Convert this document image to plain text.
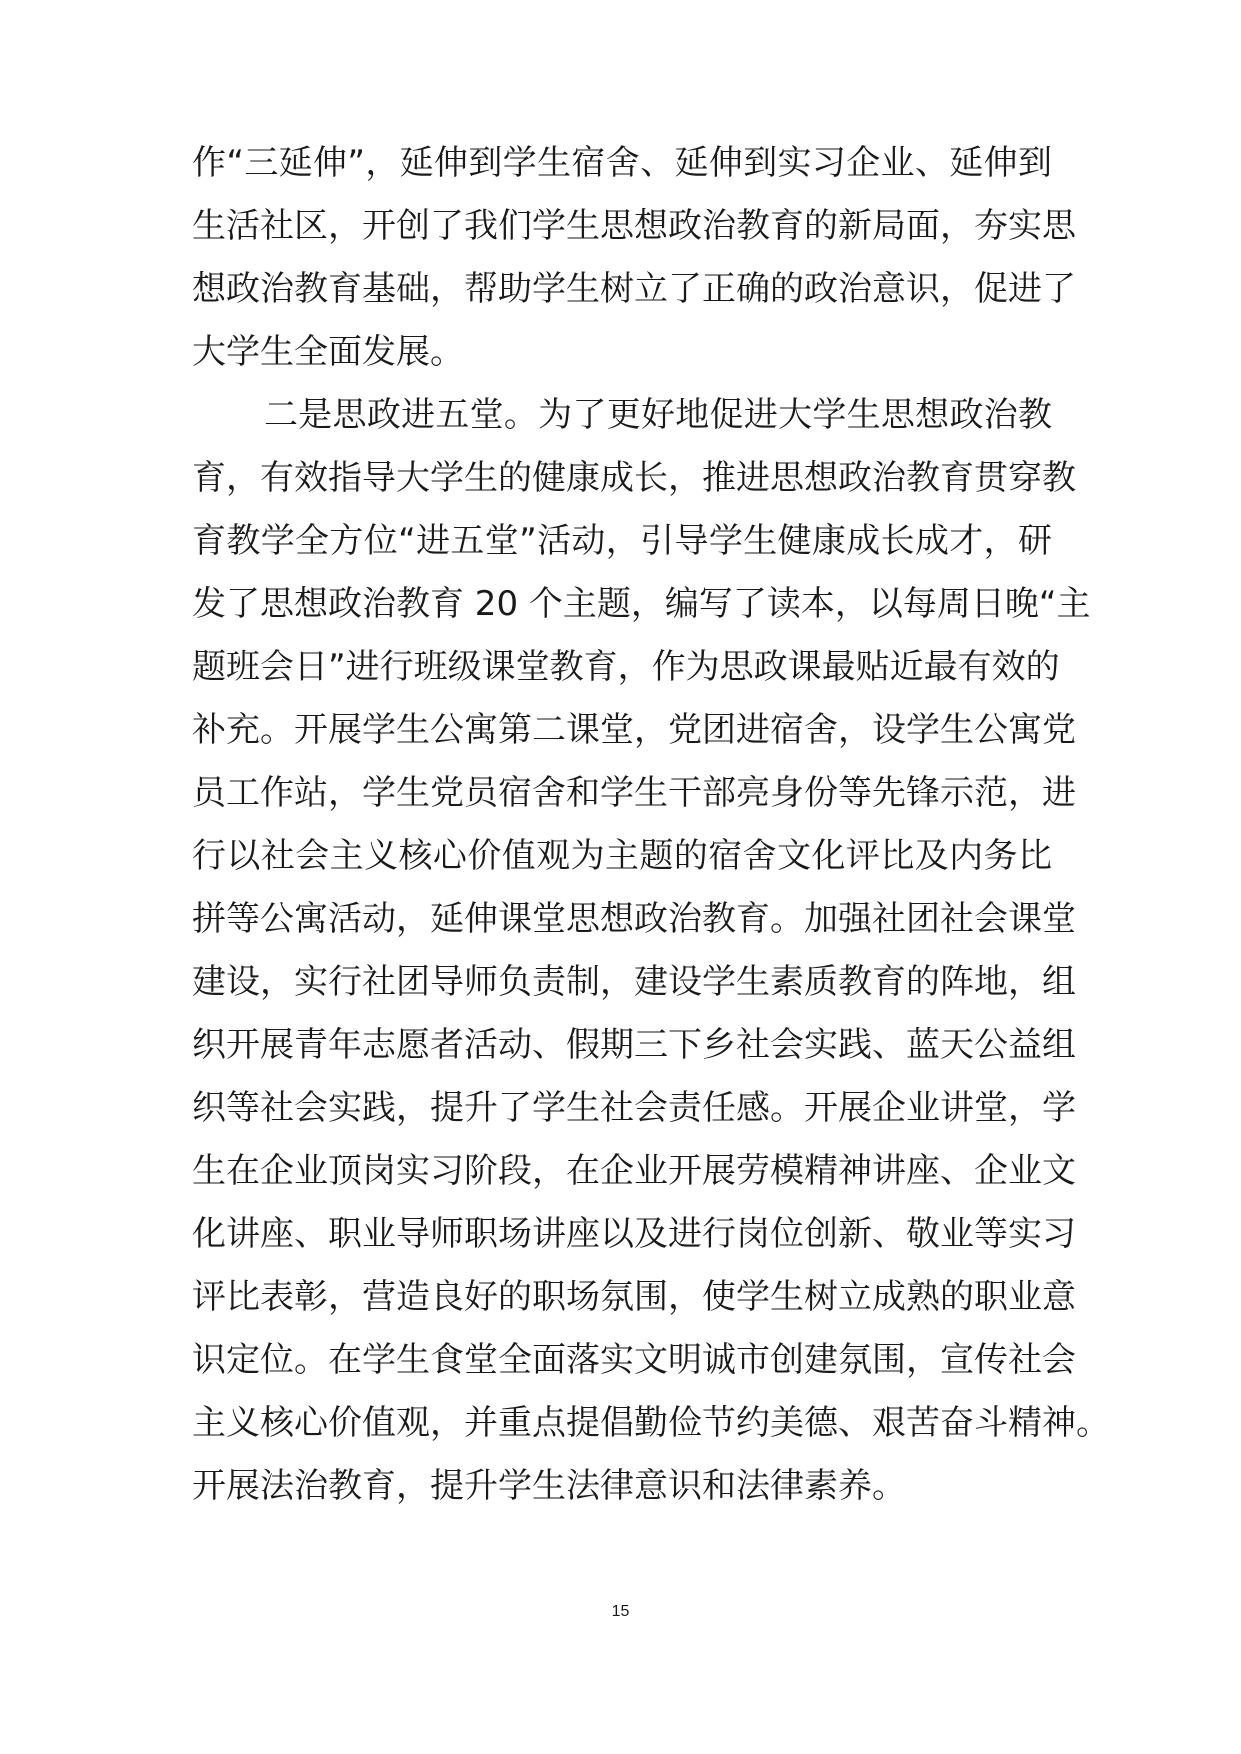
作“三延伸”，延伸到学生宿舍、延伸到实习企业、延伸到
生活社区，开创了我们学生思想政治教育的新局面，夯实思
想政治教育基础，帮助学生树立了正确的政治意识，促进了
大学生全面发展。
二是思政进五堂。为了更好地促进大学生思想政治教
育，有效指导大学生的健康成长，推进思想政治教育贯穿教
育教学全方位“进五堂”活动，引导学生健康成长成才，研
发了思想政治教育 20 个主题，编写了读本，以每周日晚“主
题班会日”进行班级课堂教育，作为思政课最贴近最有效的
补充。开展学生公寓第二课堂，党团进宿舍，设学生公寓党
员工作站，学生党员宿舍和学生干部亮身份等先锋示范，进
行以社会主义核心价值观为主题的宿舍文化评比及内务比
拼等公寓活动，延伸课堂思想政治教育。加强社团社会课堂
建设，实行社团导师负责制，建设学生素质教育的阵地，组
织开展青年志愿者活动、假期三下乡社会实践、蓝天公益组
织等社会实践，提升了学生社会责任感。开展企业讲堂，学
生在企业顶岗实习阶段，在企业开展劳模精神讲座、企业文
化讲座、职业导师职场讲座以及进行岗位创新、敬业等实习
评比表彰，营造良好的职场氛围，使学生树立成熟的职业意
识定位。在学生食堂全面落实文明诚市创建氛围，宣传社会
主义核心价值观，并重点提倡勤俭节约美德、艰苦奋斗精神。
开展法治教育，提升学生法律意识和法律素养。
15
